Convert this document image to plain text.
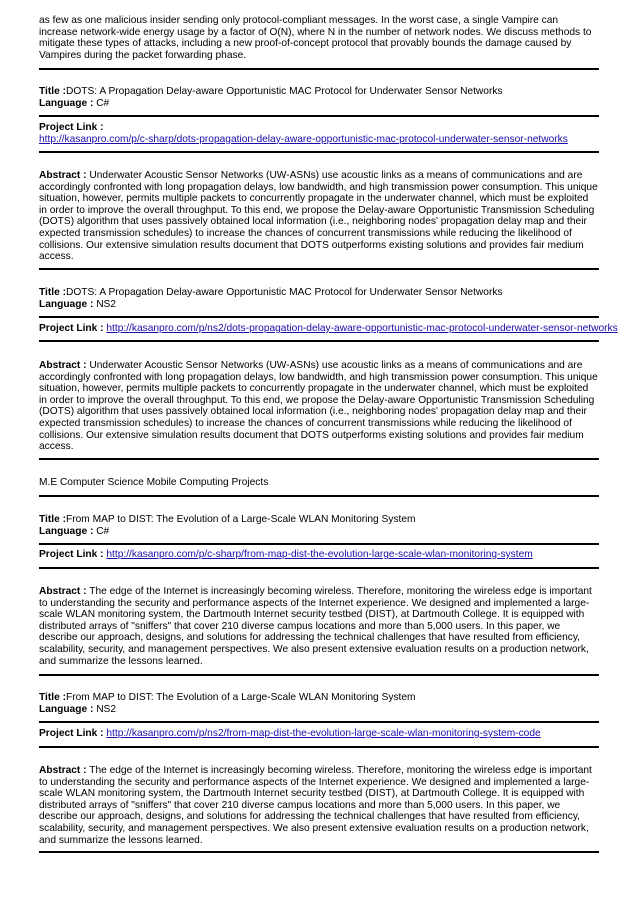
as few as one malicious insider sending only protocol-compliant messages. In the worst case, a single Vampire can increase network-wide energy usage by a factor of O(N), where N in the number of network nodes. We discuss methods to mitigate these types of attacks, including a new proof-of-concept protocol that provably bounds the damage caused by Vampires during the packet forwarding phase.

Title :DOTS: A Propagation Delay-aware Opportunistic MAC Protocol for Underwater Sensor Networks

Language : C#

Project Link :

http://kasanpro.com/p/c-sharp/dots-propagation-delay-aware-opportunistic-mac-protocol-underwater-sensor-networks

Abstract : Underwater Acoustic Sensor Networks (UW-ASNs) use acoustic links as a means of communications and are accordingly confronted with long propagation delays, low bandwidth, and high transmission power consumption. This unique situation, however, permits multiple packets to concurrently propagate in the underwater channel, which must be exploited in order to improve the overall throughput. To this end, we propose the Delay-aware Opportunistic Transmission Scheduling (DOTS) algorithm that uses passively obtained local information (i.e., neighboring nodes' propagation delay map and their expected transmission schedules) to increase the chances of concurrent transmissions while reducing the likelihood of collisions. Our extensive simulation results document that DOTS outperforms existing solutions and provides fair medium access.

Title :DOTS: A Propagation Delay-aware Opportunistic MAC Protocol for Underwater Sensor Networks

Language : NS2

Project Link : http://kasanpro.com/p/ns2/dots-propagation-delay-aware-opportunistic-mac-protocol-underwater-sensor-networks

Abstract : Underwater Acoustic Sensor Networks (UW-ASNs) use acoustic links as a means of communications and are accordingly confronted with long propagation delays, low bandwidth, and high transmission power consumption. This unique situation, however, permits multiple packets to concurrently propagate in the underwater channel, which must be exploited in order to improve the overall throughput. To this end, we propose the Delay-aware Opportunistic Transmission Scheduling (DOTS) algorithm that uses passively obtained local information (i.e., neighboring nodes' propagation delay map and their expected transmission schedules) to increase the chances of concurrent transmissions while reducing the likelihood of collisions. Our extensive simulation results document that DOTS outperforms existing solutions and provides fair medium access.

M.E Computer Science Mobile Computing Projects

Title :From MAP to DIST: The Evolution of a Large-Scale WLAN Monitoring System

Language : C#

Project Link : http://kasanpro.com/p/c-sharp/from-map-dist-the-evolution-large-scale-wlan-monitoring-system

Abstract : The edge of the Internet is increasingly becoming wireless. Therefore, monitoring the wireless edge is important to understanding the security and performance aspects of the Internet experience. We designed and implemented a large-scale WLAN monitoring system, the Dartmouth Internet security testbed (DIST), at Dartmouth College. It is equipped with distributed arrays of "sniffers" that cover 210 diverse campus locations and more than 5,000 users. In this paper, we describe our approach, designs, and solutions for addressing the technical challenges that have resulted from efficiency, scalability, security, and management perspectives. We also present extensive evaluation results on a production network, and summarize the lessons learned.

Title :From MAP to DIST: The Evolution of a Large-Scale WLAN Monitoring System

Language : NS2

Project Link : http://kasanpro.com/p/ns2/from-map-dist-the-evolution-large-scale-wlan-monitoring-system-code

Abstract : The edge of the Internet is increasingly becoming wireless. Therefore, monitoring the wireless edge is important to understanding the security and performance aspects of the Internet experience. We designed and implemented a large-scale WLAN monitoring system, the Dartmouth Internet security testbed (DIST), at Dartmouth College. It is equipped with distributed arrays of "sniffers" that cover 210 diverse campus locations and more than 5,000 users. In this paper, we describe our approach, designs, and solutions for addressing the technical challenges that have resulted from efficiency, scalability, security, and management perspectives. We also present extensive evaluation results on a production network, and summarize the lessons learned.
